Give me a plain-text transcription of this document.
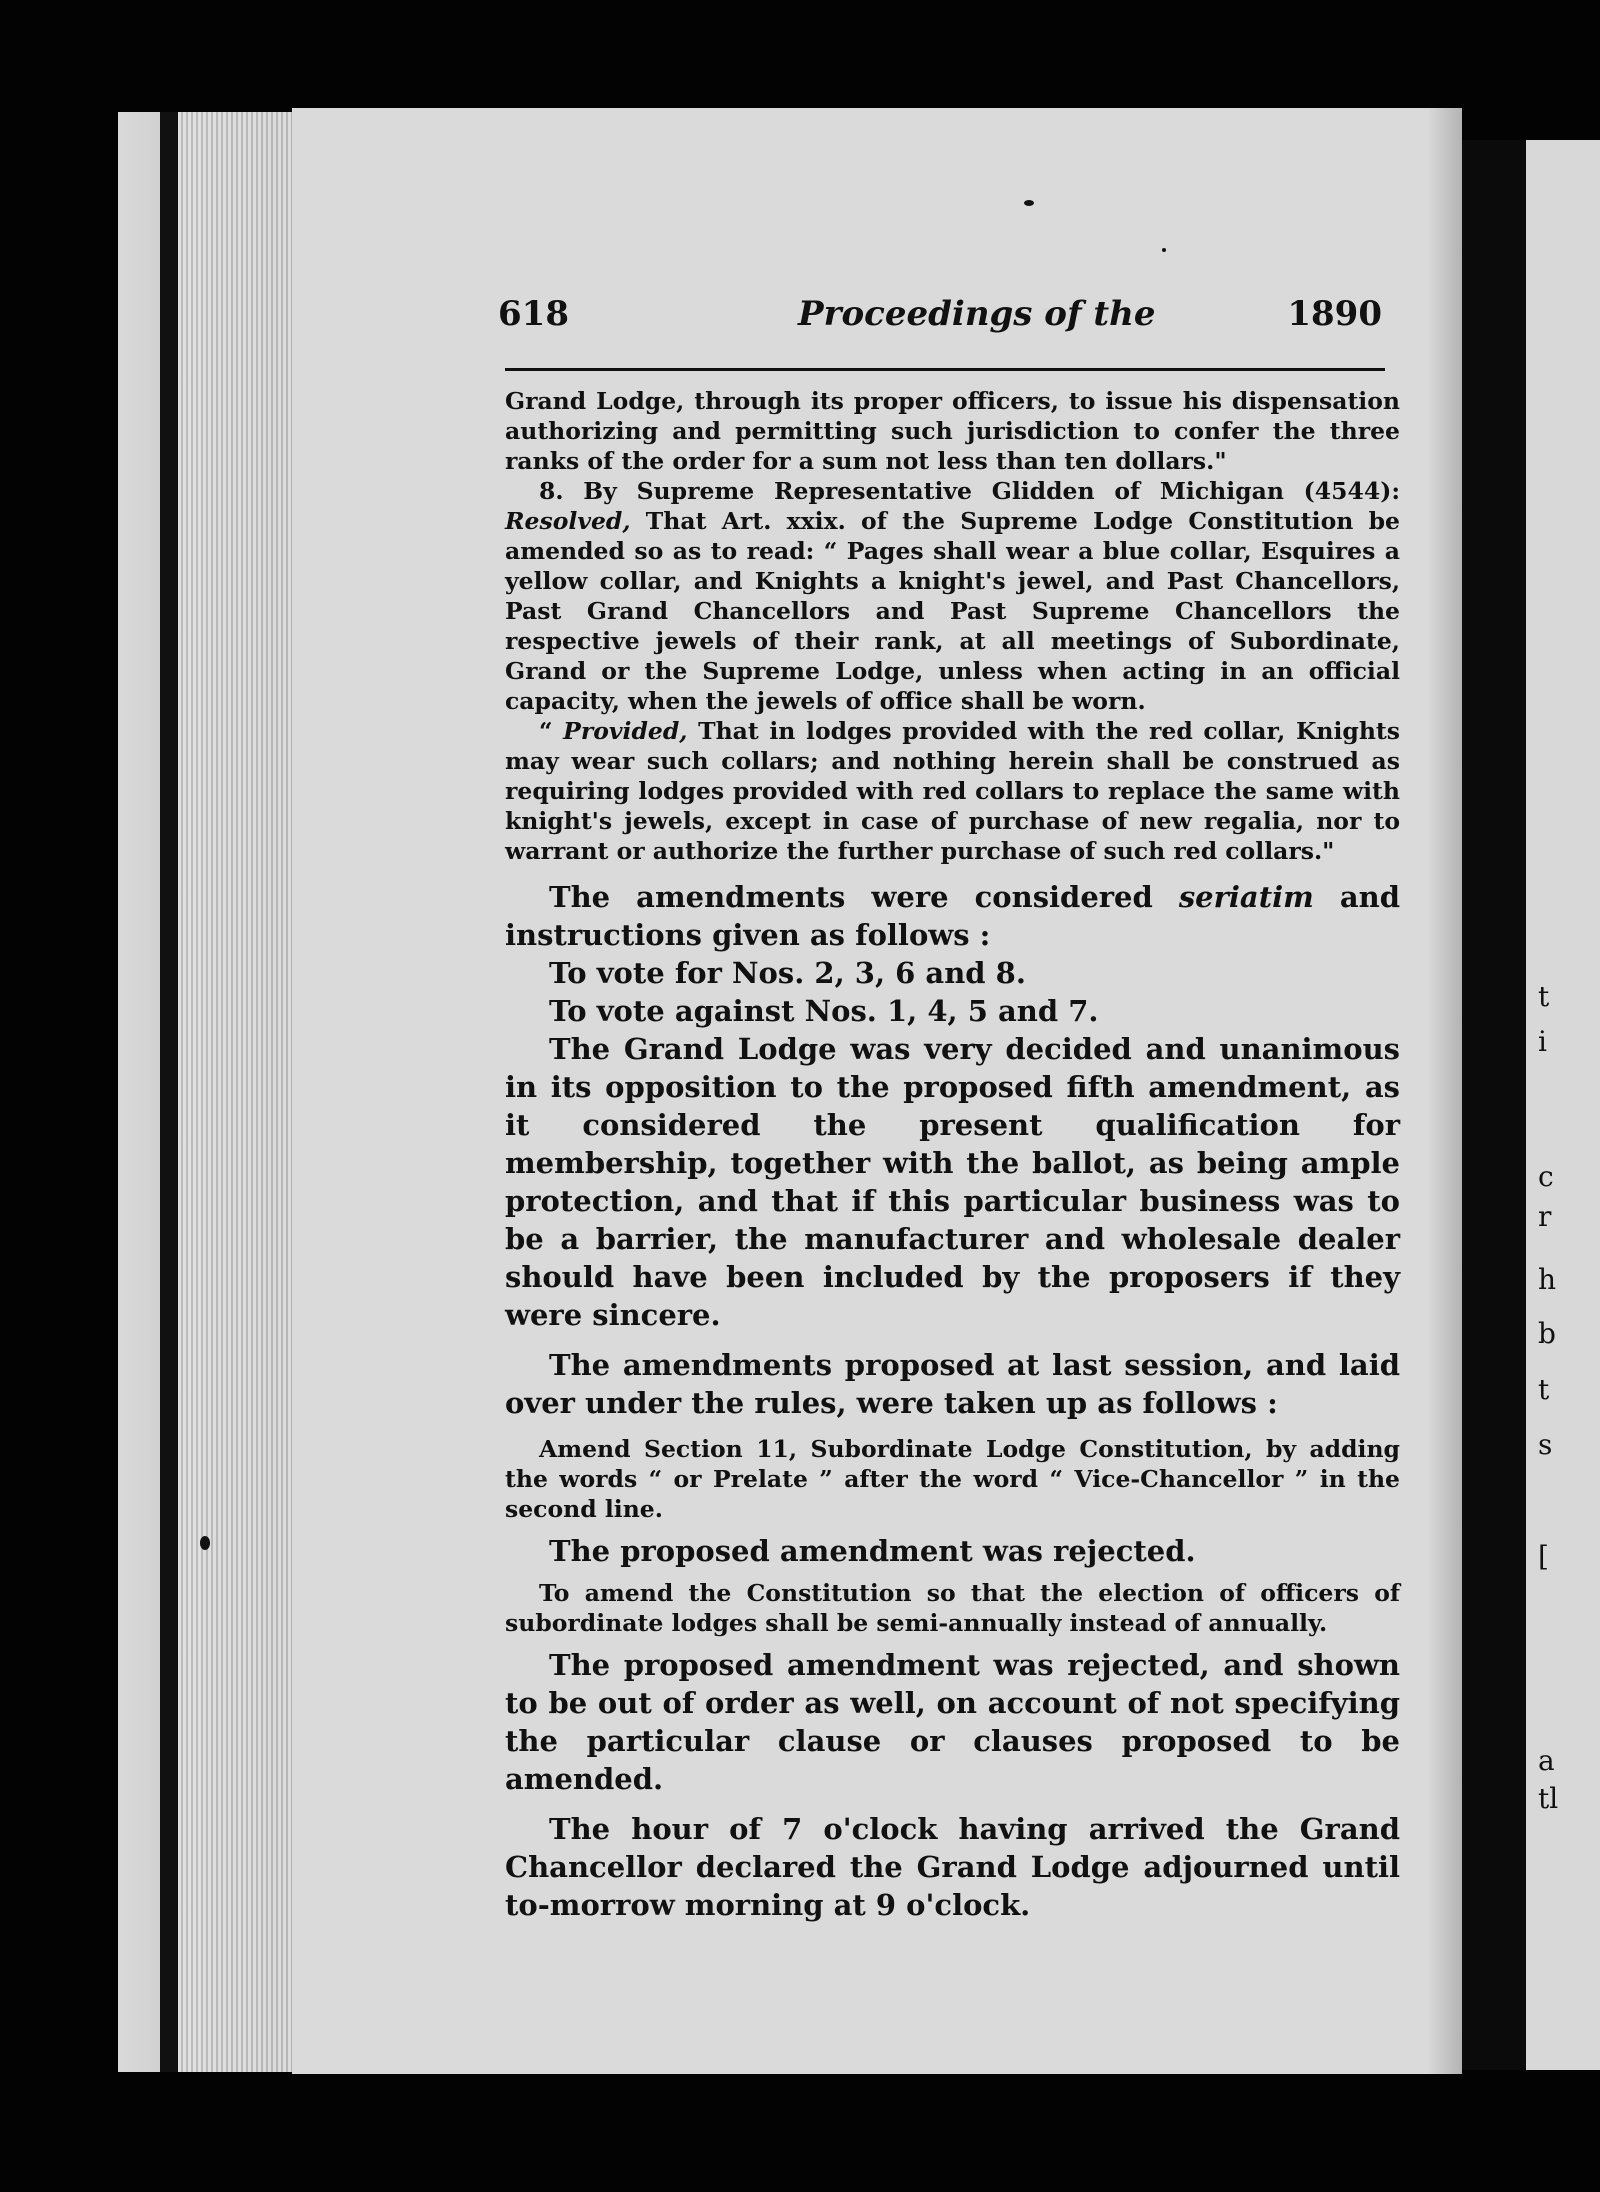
t
i
c
r
h
b
t
s
[
a
tl
618	Proceedings of the	1890

Grand Lodge, through its proper officers, to issue his dispensation authorizing and permitting such jurisdiction to confer the three ranks of the order for a sum not less than ten dollars."

8. By Supreme Representative Glidden of Michigan (4544): Resolved, That Art. xxix. of the Supreme Lodge Constitution be amended so as to read: “ Pages shall wear a blue collar, Esquires a yellow collar, and Knights a knight's jewel, and Past Chancellors, Past Grand Chancellors and Past Supreme Chancellors the respective jewels of their rank, at all meetings of Subordinate, Grand or the Supreme Lodge, unless when acting in an official capacity, when the jewels of office shall be worn.

“ Provided, That in lodges provided with the red collar, Knights may wear such collars; and nothing herein shall be construed as requiring lodges provided with red collars to replace the same with knight's jewels, except in case of purchase of new regalia, nor to warrant or authorize the further purchase of such red collars."

The amendments were considered seriatim and instructions given as follows :

To vote for Nos. 2, 3, 6 and 8.

To vote against Nos. 1, 4, 5 and 7.

The Grand Lodge was very decided and unanimous in its opposition to the proposed fifth amendment, as it considered the present qualification for membership, together with the ballot, as being ample protection, and that if this particular business was to be a barrier, the manufacturer and wholesale dealer should have been included by the proposers if they were sincere.

The amendments proposed at last session, and laid over under the rules, were taken up as follows :

Amend Section 11, Subordinate Lodge Constitution, by adding the words “ or Prelate ” after the word “ Vice-Chancellor ” in the second line.

The proposed amendment was rejected.

To amend the Constitution so that the election of officers of subordinate lodges shall be semi-annually instead of annually.

The proposed amendment was rejected, and shown to be out of order as well, on account of not specifying the particular clause or clauses proposed to be amended.

The hour of 7 o'clock having arrived the Grand Chancellor declared the Grand Lodge adjourned until to-morrow morning at 9 o'clock.
